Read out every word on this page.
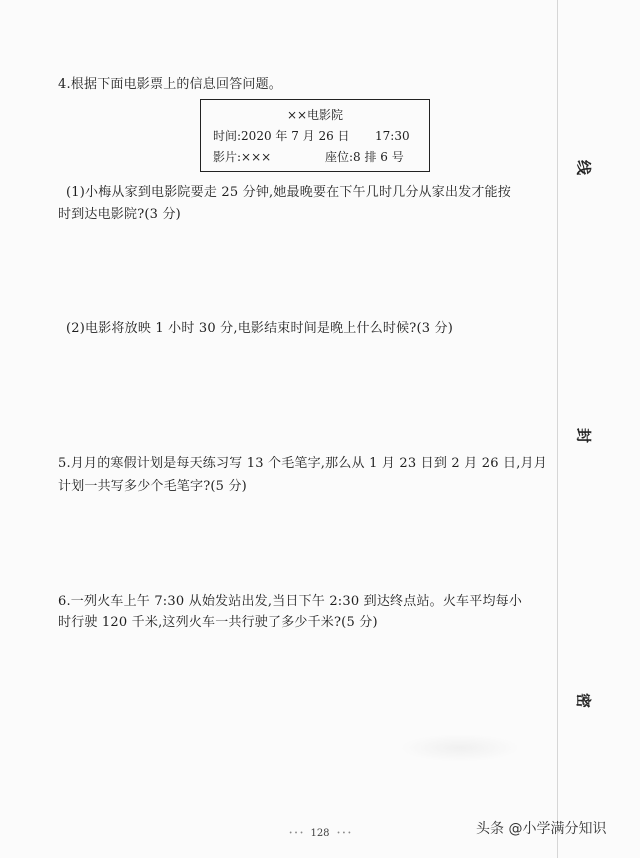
线
封
密
4.根据下面电影票上的信息回答问题。
××电影院
时间:2020 年 7 月 26 日 17:30
影片:×××	座位:8 排 6 号
(1)小梅从家到电影院要走 25 分钟,她最晚要在下午几时几分从家出发才能按
时到达电影院?(3 分)
(2)电影将放映 1 小时 30 分,电影结束时间是晚上什么时候?(3 分)
5.月月的寒假计划是每天练习写 13 个毛笔字,那么从 1 月 23 日到 2 月 26 日,月月
计划一共写多少个毛笔字?(5 分)
6.一列火车上午 7:30 从始发站出发,当日下午 2:30 到达终点站。火车平均每小
时行驶 120 千米,这列火车一共行驶了多少千米?(5 分)
• • • 128 • • •	头条 @小学满分知识
